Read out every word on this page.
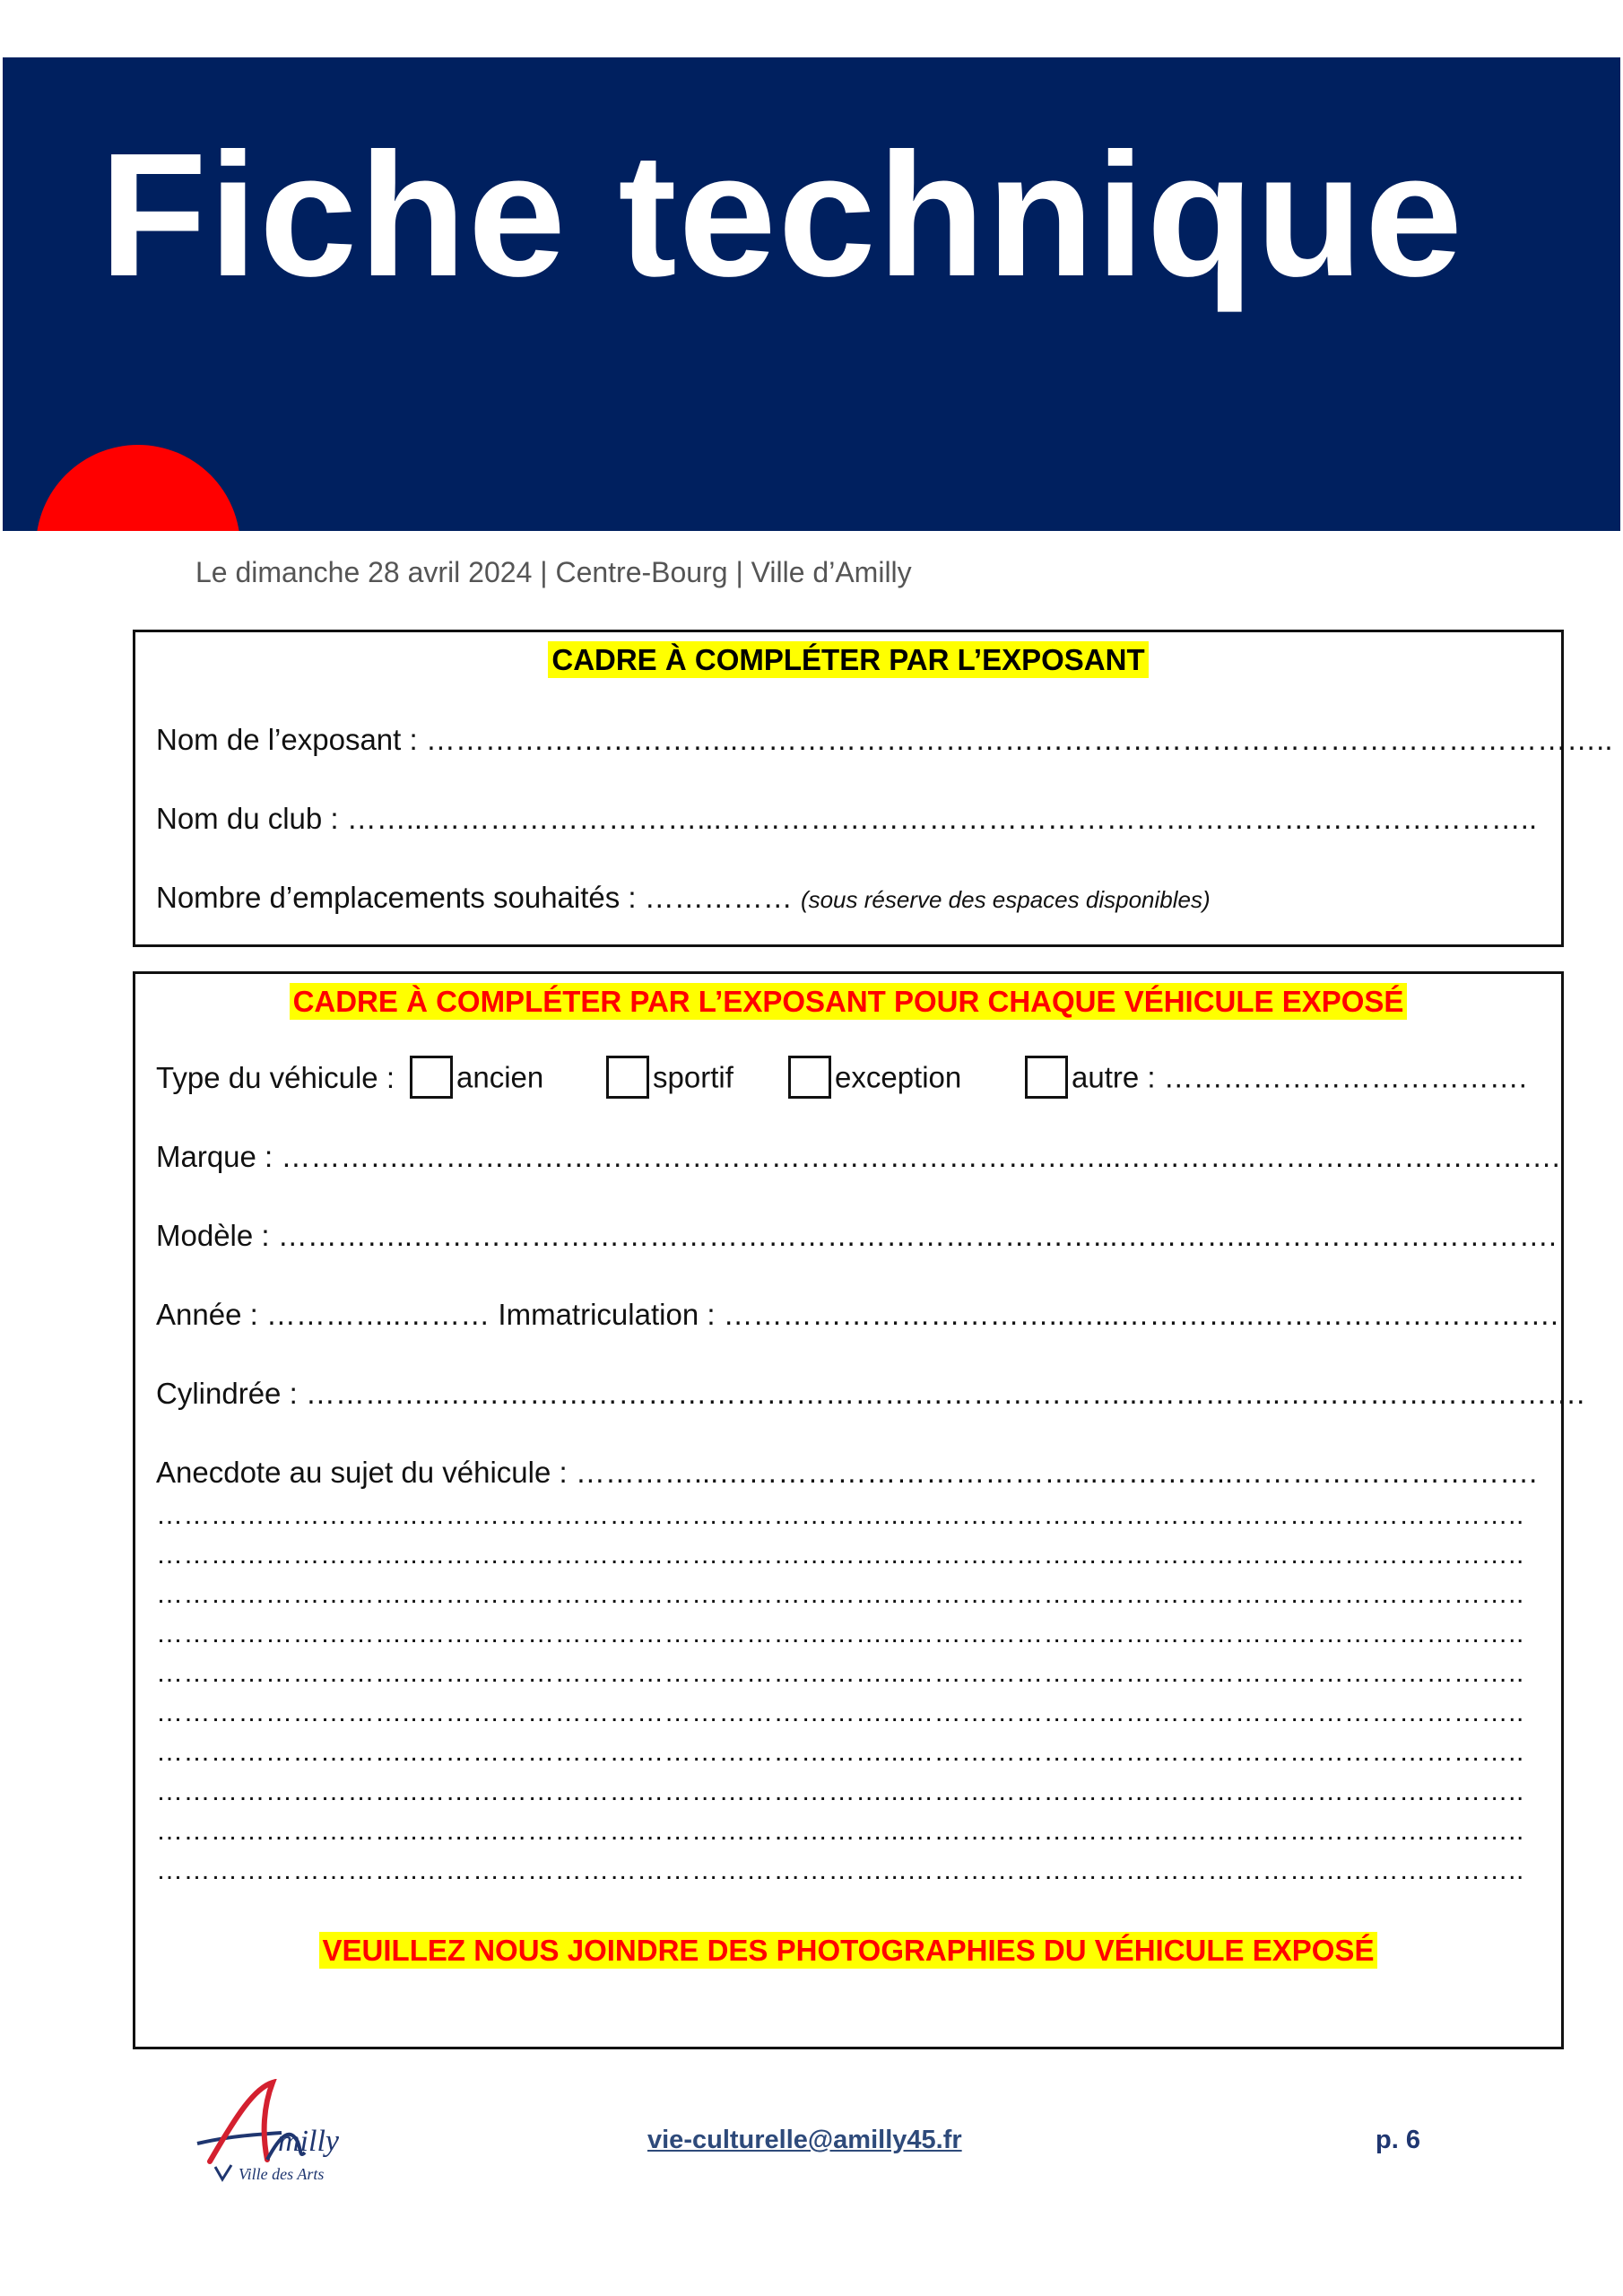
Fiche technique
Le dimanche 28 avril 2024 | Centre-Bourg | Ville d’Amilly
CADRE À COMPLÉTER PAR L’EXPOSANT
Nom de l’exposant : …………………………..……………………………………………………………………………..
Nom du club : ……...………………………...………………………………………………………………………..
Nombre d’emplacements souhaités : …………… (sous réserve des espaces disponibles)
CADRE À COMPLÉTER PAR L’EXPOSANT POUR CHAQUE VÉHICULE EXPOSÉ
Type du véhicule :	ancien	sportif	exception	autre : ……………………………….
Marque : …………..……………………………………………………………...…………..………………………….
Modèle : …………..……………………………………………………………...…………..………………………….
Année : …………..……… Immatriculation : ……………………………..…...…………..………………………….
Cylindrée : …………..……………………………………………………………...…………..………………………….
Anecdote au sujet du véhicule : …………...………………………………...…………..………………………….
………………………..……………………………………………...…………………………………………………………..
………………………..……………………………………………...…………………………………………………………..
………………………..……………………………………………...…………………………………………………………..
………………………..……………………………………………...…………………………………………………………..
………………………..……………………………………………...…………………………………………………………..
………………………..……………………………………………...…………………………………………………………..
………………………..……………………………………………...…………………………………………………………..
………………………..……………………………………………...…………………………………………………………..
………………………..……………………………………………...…………………………………………………………..
………………………..……………………………………………...…………………………………………………………..
VEUILLEZ NOUS JOINDRE DES PHOTOGRAPHIES DU VÉHICULE EXPOSÉ
milly
Ville des Arts
vie-culturelle@amilly45.fr	p. 6
